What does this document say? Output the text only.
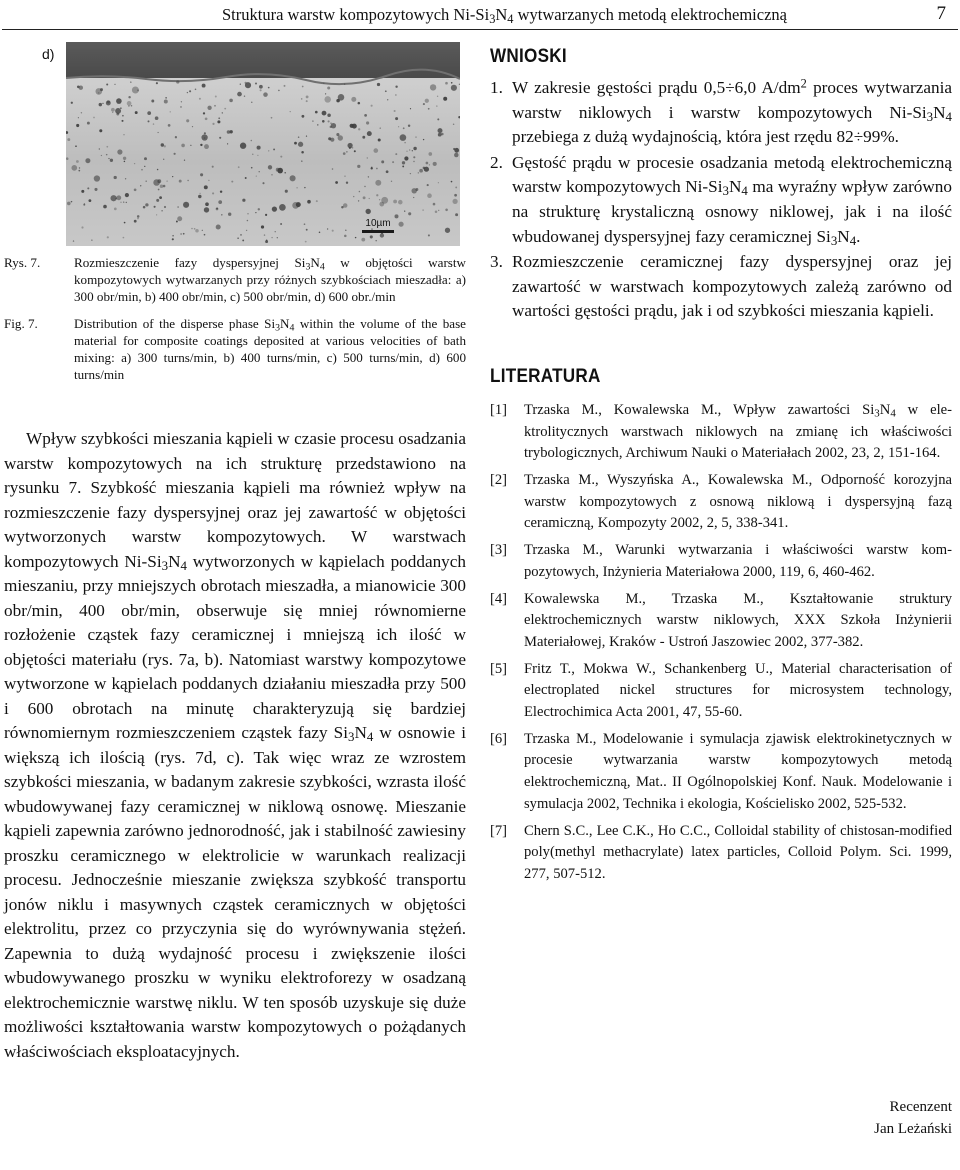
Struktura warstw kompozytowych $Ni-Si_3N_4$ wytwarzanych metodą elektrochemiczną	7
d)
10µm

Rys. 7.	Rozmieszczenie fazy dyspersyjnej $Si_3N_4$ w objętości warstw kompozytowych wytwarzanych przy różnych szybkościach mieszadła: a) 300 obr/min, b) 400 obr/min, c) 500 obr/min, d) 600 obr./min

Fig. 7.	Distribution of the disperse phase $Si_3N_4$ within the volume of the base material for composite coatings deposited at various velocities of bath mixing: a) 300 turns/min, b) 400 turns/min, c) 500 turns/min, d) 600 turns/min

Wpływ szybkości mieszania kąpieli w czasie procesu osadzania warstw kompozytowych na ich strukturę przedstawiono na rysunku 7. Szybkość mieszania kąpieli ma również wpływ na rozmieszczenie fazy dyspersyjnej oraz jej zawartość w objętości wytworzonych warstw kompozytowych. W warstwach kompozytowych $Ni-Si_3N_4$ wytworzonych w kąpielach poddanych mieszaniu, przy mniejszych obrotach mieszadła, a mianowicie 300 obr/min, 400 obr/min, obserwuje się mniej równomierne rozłożenie cząstek fazy ceramicznej i mniejszą ich ilość w objętości materiału (rys. 7a, b). Natomiast warstwy kompozytowe wytworzone w kąpielach poddanych działaniu mieszadła przy 500 i 600 obrotach na minutę charakteryzują się bardziej równomiernym rozmieszczeniem cząstek fazy $Si_3N_4$ w osnowie i większą ich ilością (rys. 7d, c). Tak więc wraz ze wzrostem szybkości mieszania, w badanym zakresie szybkości, wzrasta ilość wbudowywanej fazy ceramicznej w niklową osnowę. Mieszanie kąpieli zapewnia zarówno jednorodność, jak i stabilność zawiesiny proszku ceramicznego w elektrolicie w warunkach realizacji procesu. Jednocześnie mieszanie zwiększa szybkość transportu jonów niklu i masywnych cząstek ceramicznych w objętości elektrolitu, przez co przyczynia się do wyrównywania stężeń. Zapewnia to dużą wydajność procesu i zwiększenie ilości wbudowywanego proszku w wyniku elektroforezy w osadzaną elektrochemicznie warstwę niklu. W ten sposób uzyskuje się duże możliwości kształtowania warstw kompozytowych o pożądanych właściwościach eksploatacyjnych.

WNIOSKI
1. W zakresie gęstości prądu 0,5÷6,0 $A/dm^2$ proces wytwarzania warstw niklowych i warstw kompozytowych $Ni-Si_3N_4$ przebiega z dużą wydajnością, która jest rzędu 82÷99%.
2. Gęstość prądu w procesie osadzania metodą elektrochemiczną warstw kompozytowych $Ni-Si_3N_4$ ma wyraźny wpływ zarówno na strukturę krystaliczną osnowy niklowej, jak i na ilość wbudowanej dyspersyjnej fazy ceramicznej $Si_3N_4$.
3. Rozmieszczenie ceramicznej fazy dyspersyjnej oraz jej zawartość w warstwach kompozytowych zależą zarówno od wartości gęstości prądu, jak i od szybkości mieszania kąpieli.
LITERATURA
[1] Trzaska M., Kowalewska M., Wpływ zawartości $Si_3N_4$ w ele- ktrolitycznych warstwach niklowych na zmianę ich właściwości trybologicznych, Archiwum Nauki o Materiałach 2002, 23, 2, 151-164.
[2] Trzaska M., Wyszyńska A., Kowalewska M., Odporność korozyjna warstw kompozytowych z osnową niklową i dyspersyjną fazą ceramiczną, Kompozyty 2002, 2, 5, 338-341.
[3] Trzaska M., Warunki wytwarzania i właściwości warstw kom- pozytowych, Inżynieria Materiałowa 2000, 119, 6, 460-462.
[4] Kowalewska M., Trzaska M., Kształtowanie struktury elektrochemicznych warstw niklowych, XXX Szkoła Inżynierii Materiałowej, Kraków - Ustroń Jaszowiec 2002, 377-382.
[5] Fritz T., Mokwa W., Schankenberg U., Material characterisation of electroplated nickel structures for microsystem technology, Electrochimica Acta 2001, 47, 55-60.
[6] Trzaska M., Modelowanie i symulacja zjawisk elektrokinetycznych w procesie wytwarzania warstw kompozytowych metodą elektrochemiczną, Mat.. II Ogólnopolskiej Konf. Nauk. Modelowanie i symulacja 2002, Technika i ekologia, Kościelisko 2002, 525-532.
[7] Chern S.C., Lee C.K., Ho C.C., Colloidal stability of chistosan-modified poly(methyl methacrylate) latex particles, Colloid Polym. Sci. 1999, 277, 507-512.
Recenzent
Jan Leżański
